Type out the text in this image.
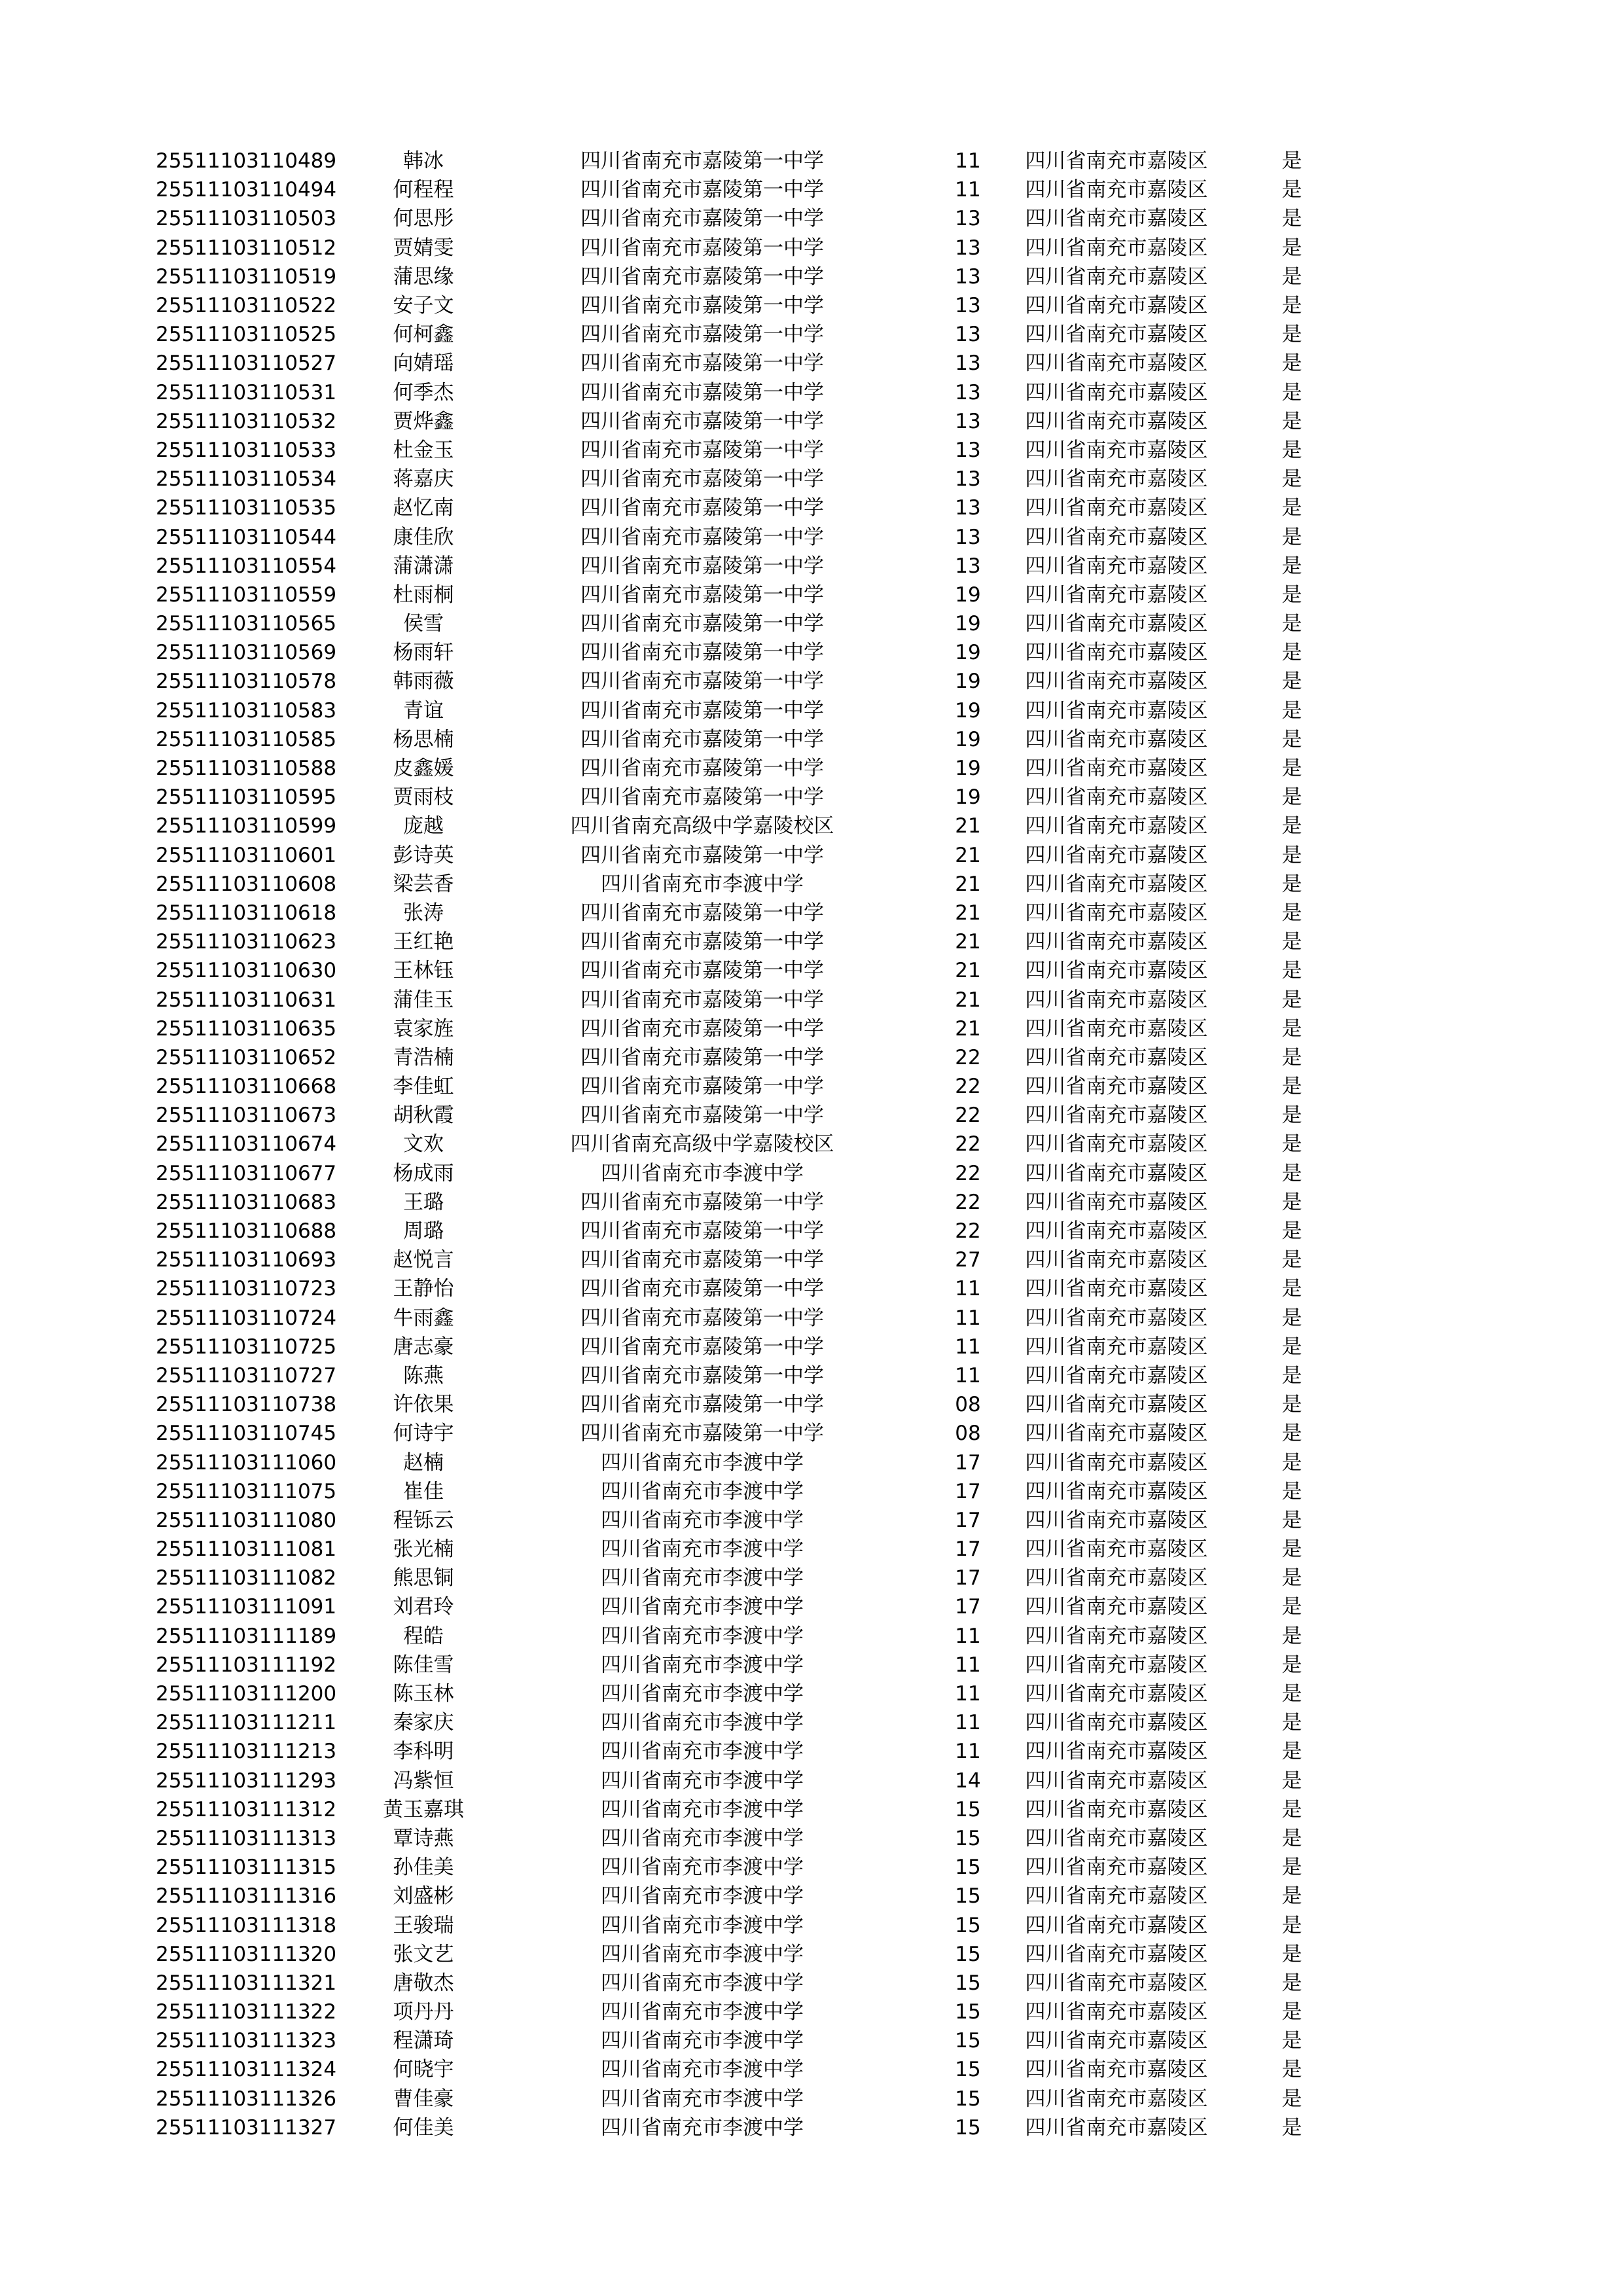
25511103110489	韩冰	四川省南充市嘉陵第一中学	11	四川省南充市嘉陵区	是
25511103110494	何程程	四川省南充市嘉陵第一中学	11	四川省南充市嘉陵区	是
25511103110503	何思彤	四川省南充市嘉陵第一中学	13	四川省南充市嘉陵区	是
25511103110512	贾婧雯	四川省南充市嘉陵第一中学	13	四川省南充市嘉陵区	是
25511103110519	蒲思缘	四川省南充市嘉陵第一中学	13	四川省南充市嘉陵区	是
25511103110522	安子文	四川省南充市嘉陵第一中学	13	四川省南充市嘉陵区	是
25511103110525	何柯鑫	四川省南充市嘉陵第一中学	13	四川省南充市嘉陵区	是
25511103110527	向婧瑶	四川省南充市嘉陵第一中学	13	四川省南充市嘉陵区	是
25511103110531	何季杰	四川省南充市嘉陵第一中学	13	四川省南充市嘉陵区	是
25511103110532	贾烨鑫	四川省南充市嘉陵第一中学	13	四川省南充市嘉陵区	是
25511103110533	杜金玉	四川省南充市嘉陵第一中学	13	四川省南充市嘉陵区	是
25511103110534	蒋嘉庆	四川省南充市嘉陵第一中学	13	四川省南充市嘉陵区	是
25511103110535	赵忆南	四川省南充市嘉陵第一中学	13	四川省南充市嘉陵区	是
25511103110544	康佳欣	四川省南充市嘉陵第一中学	13	四川省南充市嘉陵区	是
25511103110554	蒲潇潇	四川省南充市嘉陵第一中学	13	四川省南充市嘉陵区	是
25511103110559	杜雨桐	四川省南充市嘉陵第一中学	19	四川省南充市嘉陵区	是
25511103110565	侯雪	四川省南充市嘉陵第一中学	19	四川省南充市嘉陵区	是
25511103110569	杨雨轩	四川省南充市嘉陵第一中学	19	四川省南充市嘉陵区	是
25511103110578	韩雨薇	四川省南充市嘉陵第一中学	19	四川省南充市嘉陵区	是
25511103110583	青谊	四川省南充市嘉陵第一中学	19	四川省南充市嘉陵区	是
25511103110585	杨思楠	四川省南充市嘉陵第一中学	19	四川省南充市嘉陵区	是
25511103110588	皮鑫媛	四川省南充市嘉陵第一中学	19	四川省南充市嘉陵区	是
25511103110595	贾雨枝	四川省南充市嘉陵第一中学	19	四川省南充市嘉陵区	是
25511103110599	庞越	四川省南充高级中学嘉陵校区	21	四川省南充市嘉陵区	是
25511103110601	彭诗英	四川省南充市嘉陵第一中学	21	四川省南充市嘉陵区	是
25511103110608	梁芸香	四川省南充市李渡中学	21	四川省南充市嘉陵区	是
25511103110618	张涛	四川省南充市嘉陵第一中学	21	四川省南充市嘉陵区	是
25511103110623	王红艳	四川省南充市嘉陵第一中学	21	四川省南充市嘉陵区	是
25511103110630	王林钰	四川省南充市嘉陵第一中学	21	四川省南充市嘉陵区	是
25511103110631	蒲佳玉	四川省南充市嘉陵第一中学	21	四川省南充市嘉陵区	是
25511103110635	袁家旌	四川省南充市嘉陵第一中学	21	四川省南充市嘉陵区	是
25511103110652	青浩楠	四川省南充市嘉陵第一中学	22	四川省南充市嘉陵区	是
25511103110668	李佳虹	四川省南充市嘉陵第一中学	22	四川省南充市嘉陵区	是
25511103110673	胡秋霞	四川省南充市嘉陵第一中学	22	四川省南充市嘉陵区	是
25511103110674	文欢	四川省南充高级中学嘉陵校区	22	四川省南充市嘉陵区	是
25511103110677	杨成雨	四川省南充市李渡中学	22	四川省南充市嘉陵区	是
25511103110683	王璐	四川省南充市嘉陵第一中学	22	四川省南充市嘉陵区	是
25511103110688	周璐	四川省南充市嘉陵第一中学	22	四川省南充市嘉陵区	是
25511103110693	赵悦言	四川省南充市嘉陵第一中学	27	四川省南充市嘉陵区	是
25511103110723	王静怡	四川省南充市嘉陵第一中学	11	四川省南充市嘉陵区	是
25511103110724	牛雨鑫	四川省南充市嘉陵第一中学	11	四川省南充市嘉陵区	是
25511103110725	唐志豪	四川省南充市嘉陵第一中学	11	四川省南充市嘉陵区	是
25511103110727	陈燕	四川省南充市嘉陵第一中学	11	四川省南充市嘉陵区	是
25511103110738	许依果	四川省南充市嘉陵第一中学	08	四川省南充市嘉陵区	是
25511103110745	何诗宇	四川省南充市嘉陵第一中学	08	四川省南充市嘉陵区	是
25511103111060	赵楠	四川省南充市李渡中学	17	四川省南充市嘉陵区	是
25511103111075	崔佳	四川省南充市李渡中学	17	四川省南充市嘉陵区	是
25511103111080	程铄云	四川省南充市李渡中学	17	四川省南充市嘉陵区	是
25511103111081	张光楠	四川省南充市李渡中学	17	四川省南充市嘉陵区	是
25511103111082	熊思铜	四川省南充市李渡中学	17	四川省南充市嘉陵区	是
25511103111091	刘君玲	四川省南充市李渡中学	17	四川省南充市嘉陵区	是
25511103111189	程皓	四川省南充市李渡中学	11	四川省南充市嘉陵区	是
25511103111192	陈佳雪	四川省南充市李渡中学	11	四川省南充市嘉陵区	是
25511103111200	陈玉林	四川省南充市李渡中学	11	四川省南充市嘉陵区	是
25511103111211	秦家庆	四川省南充市李渡中学	11	四川省南充市嘉陵区	是
25511103111213	李科明	四川省南充市李渡中学	11	四川省南充市嘉陵区	是
25511103111293	冯紫恒	四川省南充市李渡中学	14	四川省南充市嘉陵区	是
25511103111312	黄玉嘉琪	四川省南充市李渡中学	15	四川省南充市嘉陵区	是
25511103111313	覃诗燕	四川省南充市李渡中学	15	四川省南充市嘉陵区	是
25511103111315	孙佳美	四川省南充市李渡中学	15	四川省南充市嘉陵区	是
25511103111316	刘盛彬	四川省南充市李渡中学	15	四川省南充市嘉陵区	是
25511103111318	王骏瑞	四川省南充市李渡中学	15	四川省南充市嘉陵区	是
25511103111320	张文艺	四川省南充市李渡中学	15	四川省南充市嘉陵区	是
25511103111321	唐敬杰	四川省南充市李渡中学	15	四川省南充市嘉陵区	是
25511103111322	项丹丹	四川省南充市李渡中学	15	四川省南充市嘉陵区	是
25511103111323	程潇琦	四川省南充市李渡中学	15	四川省南充市嘉陵区	是
25511103111324	何晓宇	四川省南充市李渡中学	15	四川省南充市嘉陵区	是
25511103111326	曹佳豪	四川省南充市李渡中学	15	四川省南充市嘉陵区	是
25511103111327	何佳美	四川省南充市李渡中学	15	四川省南充市嘉陵区	是
